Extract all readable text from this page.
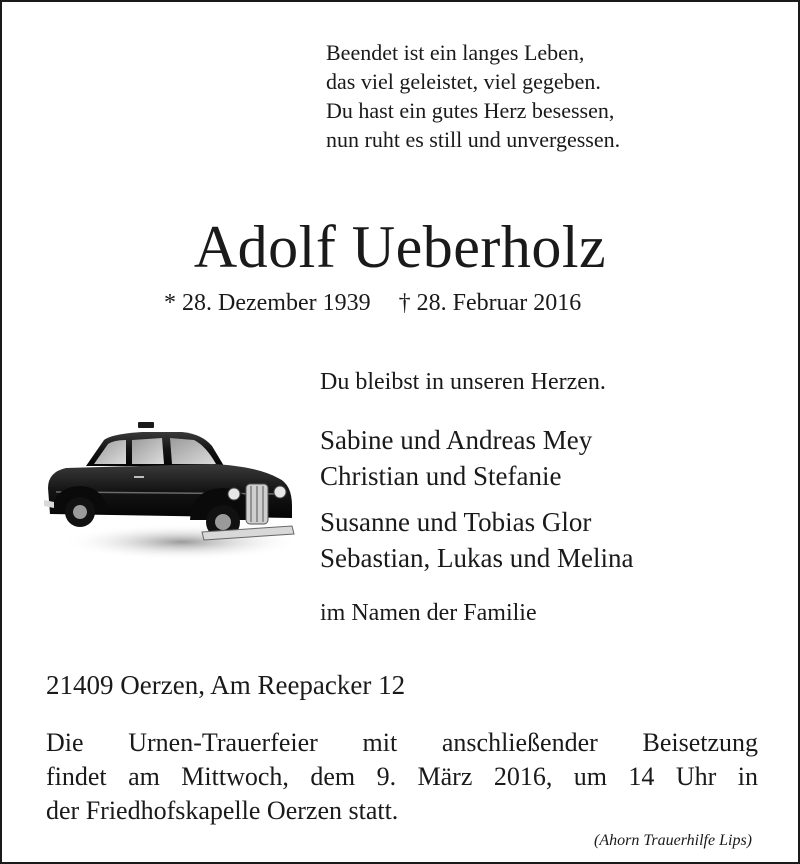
Beendet ist ein langes Leben,
das viel geleistet, viel gegeben.
Du hast ein gutes Herz besessen,
nun ruht es still und unvergessen.
Adolf Ueberholz
* 28. Dezember 1939 † 28. Februar 2016
Du bleibst in unseren Herzen.
Sabine und Andreas Mey
Christian und Stefanie
Susanne und Tobias Glor
Sebastian, Lukas und Melina
im Namen der Familie
21409 Oerzen, Am Reepacker 12
Die Urnen-Trauerfeier mit anschließender Beisetzung
findet am Mittwoch, dem 9. März 2016, um 14 Uhr in
der Friedhofskapelle Oerzen statt.
(Ahorn Trauerhilfe Lips)
